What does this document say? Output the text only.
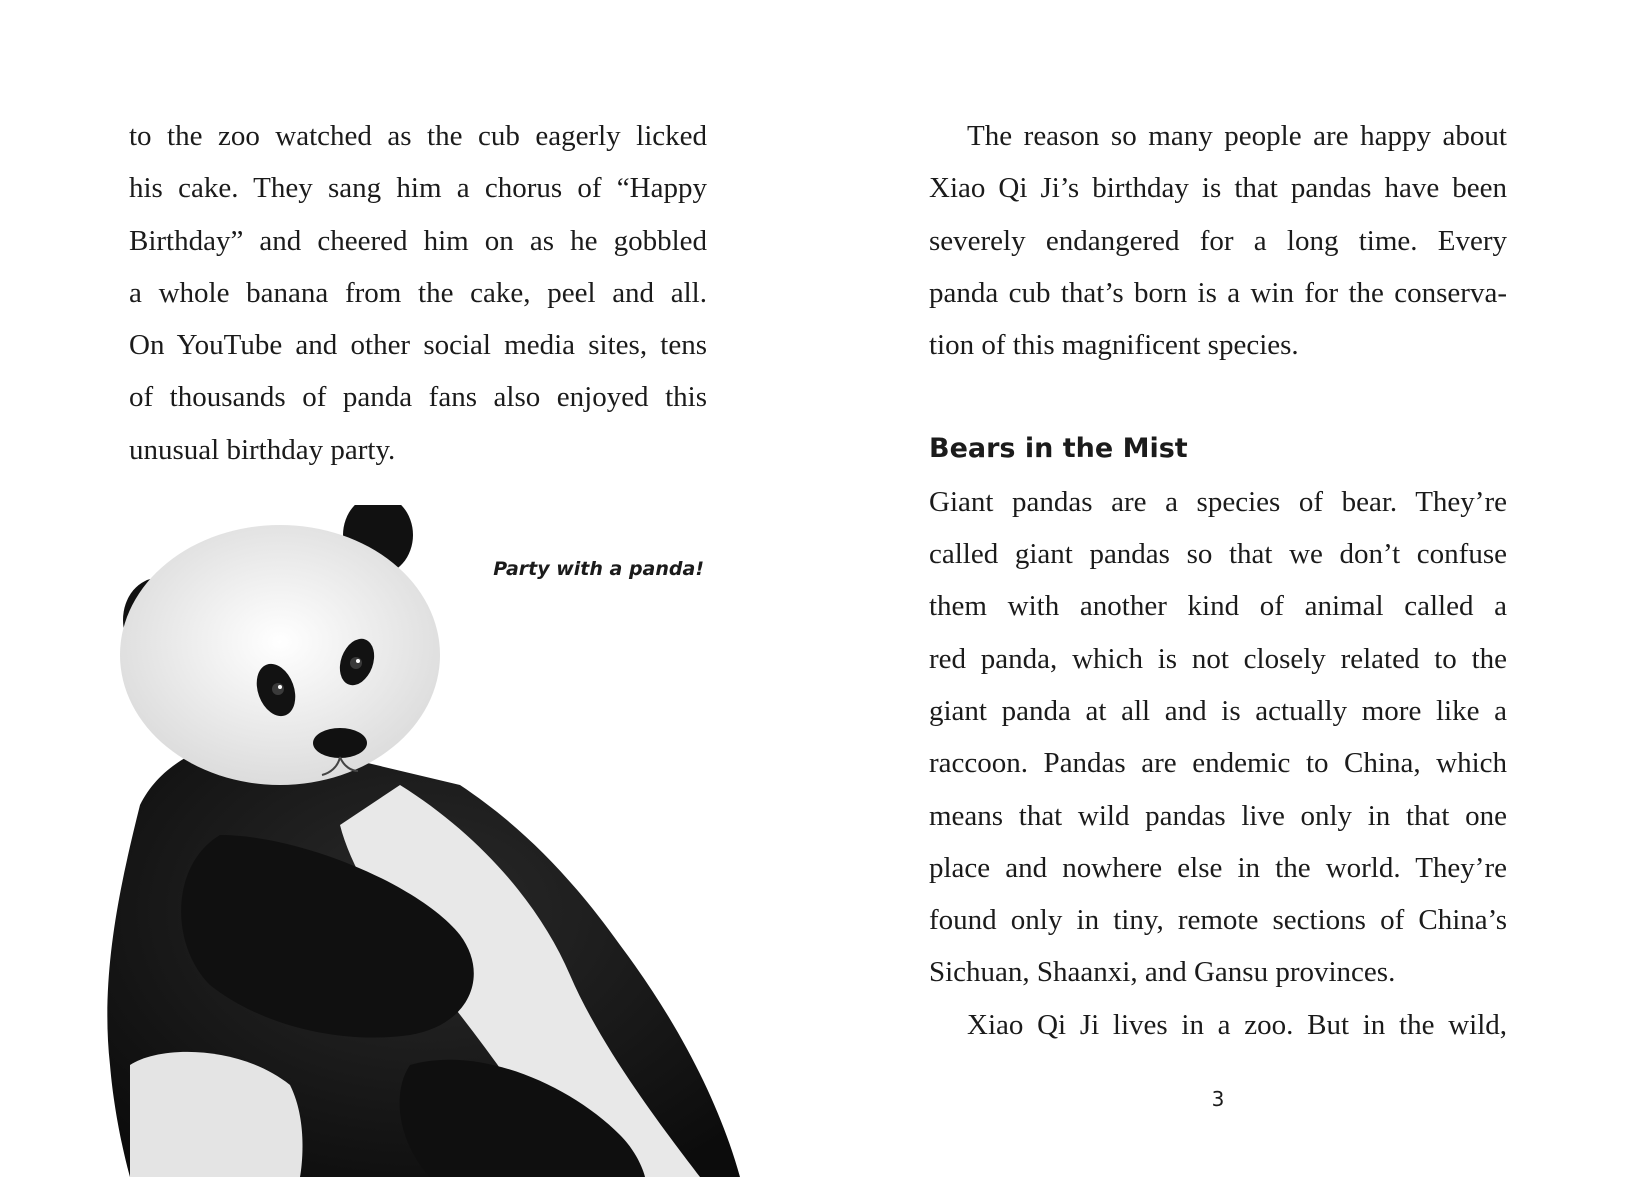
to the zoo watched as the cub eagerly licked

his cake. They sang him a chorus of “Happy

Birthday” and cheered him on as he gobbled

a whole banana from the cake, peel and all.

On YouTube and other social media sites, tens

of thousands of panda fans also enjoyed this

unusual birthday party.

Party with a panda!

The reason so many people are happy about

Xiao Qi Ji’s birthday is that pandas have been

severely endangered for a long time. Every

panda cub that’s born is a win for the conserva-

tion of this magnificent species.

Bears in the Mist

Giant pandas are a species of bear. They’re

called giant pandas so that we don’t confuse

them with another kind of animal called a

red panda, which is not closely related to the

giant panda at all and is actually more like a

raccoon. Pandas are endemic to China, which

means that wild pandas live only in that one

place and nowhere else in the world. They’re

found only in tiny, remote sections of China’s

Sichuan, Shaanxi, and Gansu provinces.

Xiao Qi Ji lives in a zoo. But in the wild,

3
